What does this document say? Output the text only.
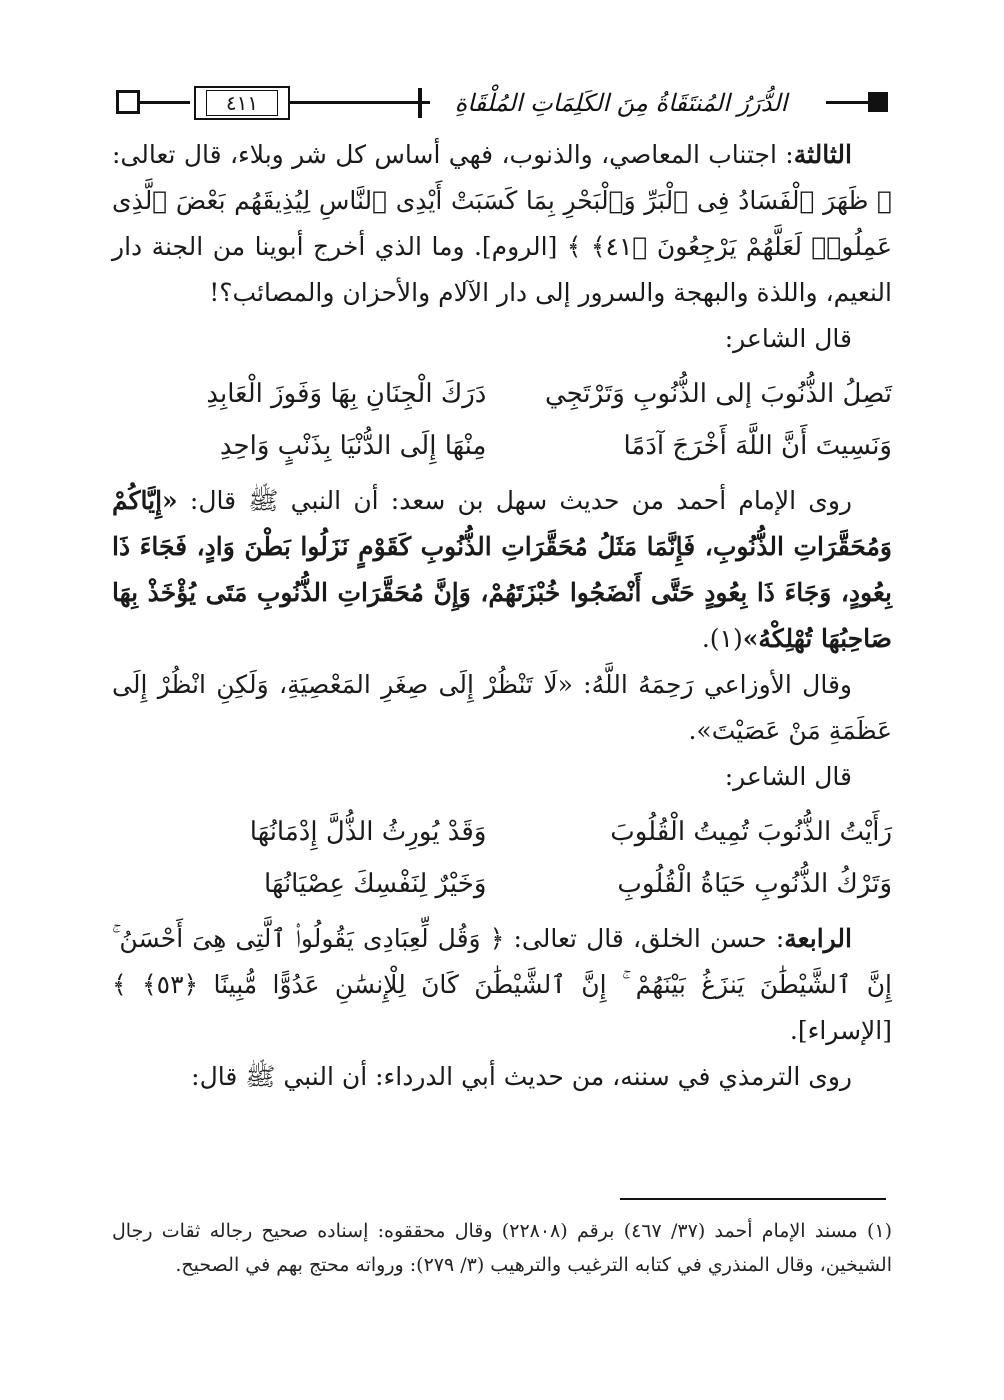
الدُّرَرُ المُنتَقَاةُ مِنَ الكَلِمَاتِ المُلْقَاةِ
٤١١

الثالثة: اجتناب المعاصي، والذنوب، فهي أساس كل شر وبلاء، قال تعالى: ﴿ ظَهَرَ ٱلْفَسَادُ فِى ٱلْبَرِّ وَٱلْبَحْرِ بِمَا كَسَبَتْ أَيْدِى ٱلنَّاسِ لِيُذِيقَهُم بَعْضَ ٱلَّذِى عَمِلُوا۟ لَعَلَّهُمْ يَرْجِعُونَ ﴿٤١﴾ ﴾ [الروم]. وما الذي أخرج أبوينا من الجنة دار النعيم، واللذة والبهجة والسرور إلى دار الآلام والأحزان والمصائب؟!

قال الشاعر:

تَصِلُ الذُّنُوبَ إلى الذُّنُوبِ وَتَرْتَجِي
دَرَكَ الْجِنَانِ بِهَا وَفَوزَ الْعَابِدِ
وَنَسِيتَ أَنَّ اللَّهَ أَخْرَجَ آدَمًا
مِنْهَا إِلَى الدُّنْيَا بِذَنْبٍ وَاحِدِ

روى الإمام أحمد من حديث سهل بن سعد: أن النبي ﷺ قال: «إِيَّاكُمْ وَمُحَقَّرَاتِ الذُّنُوبِ، فَإِنَّمَا مَثَلُ مُحَقَّرَاتِ الذُّنُوبِ كَقَوْمٍ نَزَلُوا بَطْنَ وَادٍ، فَجَاءَ ذَا بِعُودٍ، وَجَاءَ ذَا بِعُودٍ حَتَّى أَنْضَجُوا خُبْزَتَهُمْ، وَإِنَّ مُحَقَّرَاتِ الذُّنُوبِ مَتَى يُؤْخَذْ بِهَا صَاحِبُهَا تُهْلِكْهُ»(١).

وقال الأوزاعي رَحِمَهُ اللَّهُ: «لَا تَنْظُرْ إِلَى صِغَرِ المَعْصِيَةِ، وَلَكِنِ انْظُرْ إِلَى عَظَمَةِ مَنْ عَصَيْتَ».

قال الشاعر:

رَأَيْتُ الذُّنُوبَ تُمِيتُ الْقُلُوبَ
وَقَدْ يُورِثُ الذُّلَّ إِدْمَانُهَا
وَتَرْكُ الذُّنُوبِ حَيَاةُ الْقُلُوبِ
وَخَيْرٌ لِنَفْسِكَ عِصْيَانُهَا

الرابعة: حسن الخلق، قال تعالى: ﴿ وَقُل لِّعِبَادِى يَقُولُوا۟ ٱلَّتِى هِىَ أَحْسَنُ ۚ إِنَّ ٱلشَّيْطَٰنَ يَنزَغُ بَيْنَهُمْ ۚ إِنَّ ٱلشَّيْطَٰنَ كَانَ لِلْإِنسَٰنِ عَدُوًّا مُّبِينًا ﴿٥٣﴾ ﴾ [الإسراء].

روى الترمذي في سننه، من حديث أبي الدرداء: أن النبي ﷺ قال:

(١) مسند الإمام أحمد (٣٧/ ٤٦٧) برقم (٢٢٨٠٨) وقال محققوه: إسناده صحيح رجاله ثقات رجال الشيخين، وقال المنذري في كتابه الترغيب والترهيب (٣/ ٢٧٩): ورواته محتج بهم في الصحيح.
